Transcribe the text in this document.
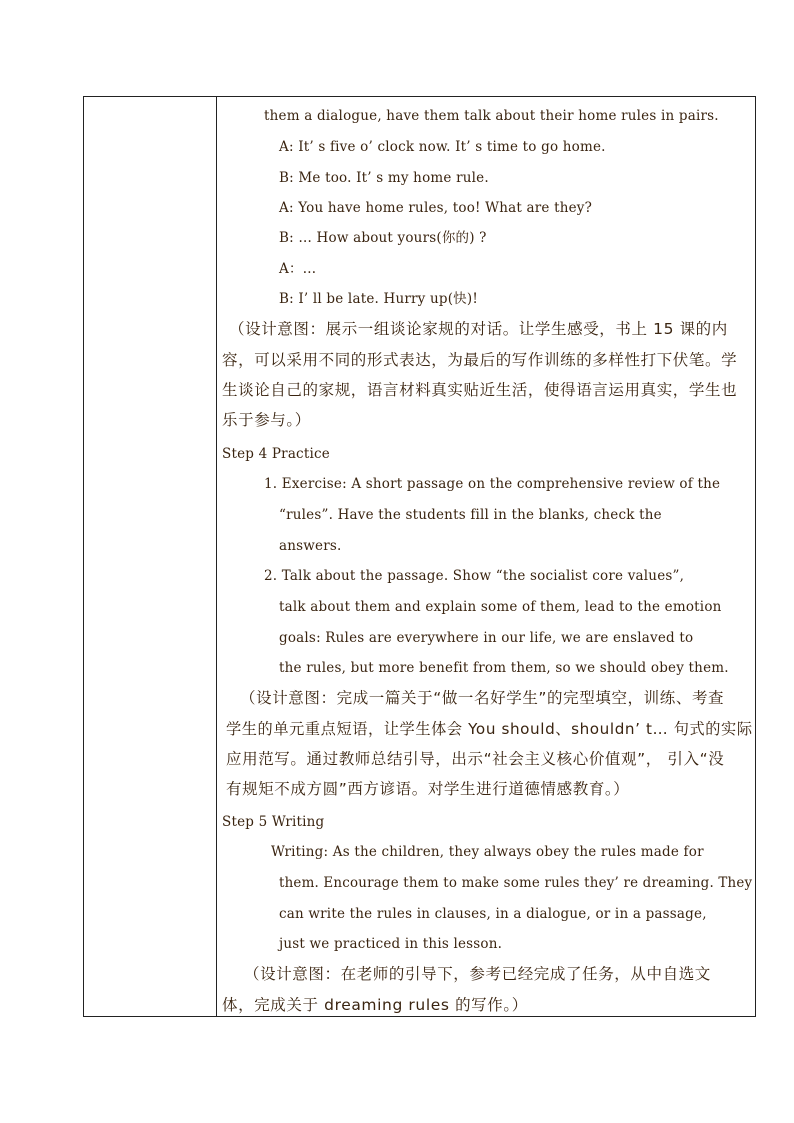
them a dialogue, have them talk about their home rules in pairs.
A: It’ s five o’ clock now. It’ s time to go home.
B: Me too. It’ s my home rule.
A: You have home rules, too! What are they?
B: … How about yours(你的) ?
A：…
B: I’ ll be late. Hurry up(快)!
（设计意图：展示一组谈论家规的对话。让学生感受，书上 15 课的内
容，可以采用不同的形式表达，为最后的写作训练的多样性打下伏笔。学
生谈论自己的家规，语言材料真实贴近生活，使得语言运用真实，学生也
乐于参与。）
Step 4 Practice
1. Exercise: A short passage on the comprehensive review of the
“rules”. Have the students fill in the blanks, check the
answers.
2. Talk about the passage. Show “the socialist core values”,
talk about them and explain some of them, lead to the emotion
goals: Rules are everywhere in our life, we are enslaved to
the rules, but more benefit from them, so we should obey them.
（设计意图：完成一篇关于“做一名好学生”的完型填空，训练、考查
学生的单元重点短语，让学生体会 You should、shouldn’ t… 句式的实际
应用范写。通过教师总结引导，出示“社会主义核心价值观”， 引入“没
有规矩不成方圆”西方谚语。对学生进行道德情感教育。）
Step 5 Writing
Writing: As the children, they always obey the rules made for
them. Encourage them to make some rules they’ re dreaming. They
can write the rules in clauses, in a dialogue, or in a passage,
just we practiced in this lesson.
（设计意图：在老师的引导下，参考已经完成了任务，从中自选文
体，完成关于 dreaming rules 的写作。）
